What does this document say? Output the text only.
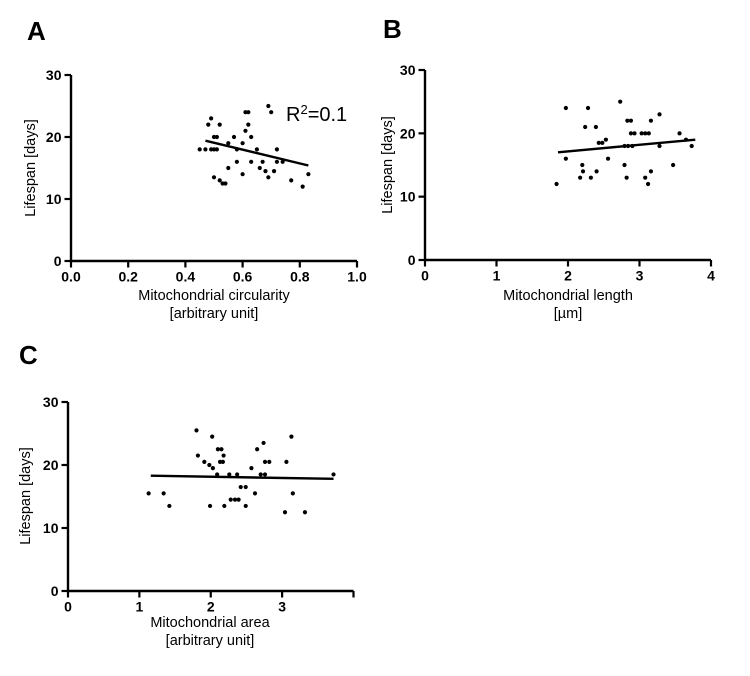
0.0	0.2	0.4	0.6	0.8	1.0
0
10
20
30
0	1	2	3	4
0
10
20
30
0	1	2	3
0
10
20
30
A	B
C
Lifespan [days]	Lifespan [days]
Lifespan [days]
Mitochondrial circularity
[arbitrary unit]
Mitochondrial length
[µm]
Mitochondrial area
[arbitrary unit]
$R^2=0.1$
